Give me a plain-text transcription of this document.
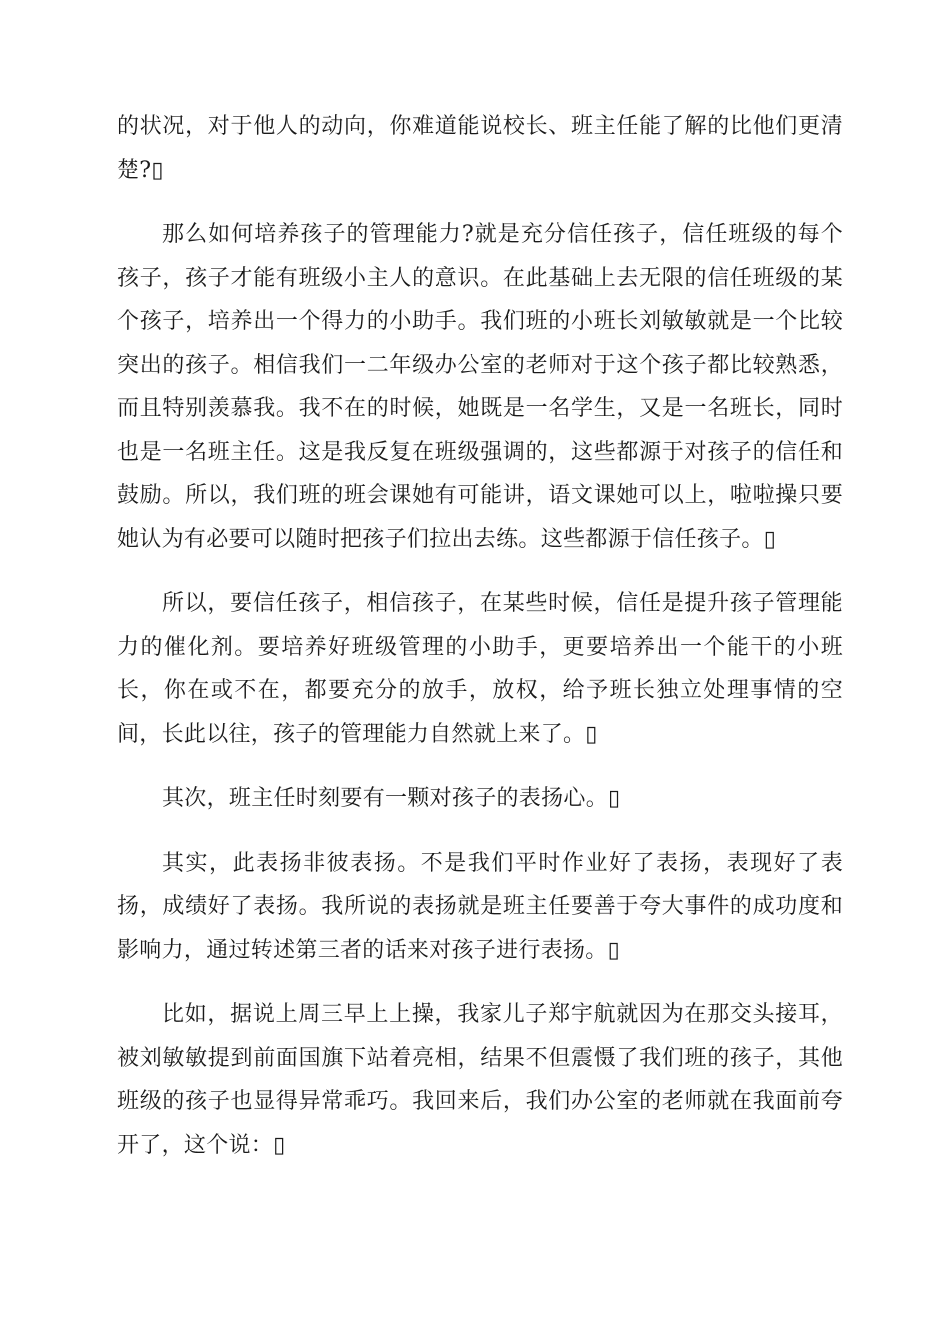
的状况，对于他人的动向，你难道能说校长、班主任能了解的比他们更清楚?▯

那么如何培养孩子的管理能力?就是充分信任孩子，信任班级的每个孩子，孩子才能有班级小主人的意识。在此基础上去无限的信任班级的某个孩子，培养出一个得力的小助手。我们班的小班长刘敏敏就是一个比较突出的孩子。相信我们一二年级办公室的老师对于这个孩子都比较熟悉，而且特别羡慕我。我不在的时候，她既是一名学生，又是一名班长，同时也是一名班主任。这是我反复在班级强调的，这些都源于对孩子的信任和鼓励。所以，我们班的班会课她有可能讲，语文课她可以上，啦啦操只要她认为有必要可以随时把孩子们拉出去练。这些都源于信任孩子。▯

所以，要信任孩子，相信孩子，在某些时候，信任是提升孩子管理能力的催化剂。要培养好班级管理的小助手，更要培养出一个能干的小班长，你在或不在，都要充分的放手，放权，给予班长独立处理事情的空间，长此以往，孩子的管理能力自然就上来了。▯

其次，班主任时刻要有一颗对孩子的表扬心。▯

其实，此表扬非彼表扬。不是我们平时作业好了表扬，表现好了表扬，成绩好了表扬。我所说的表扬就是班主任要善于夸大事件的成功度和影响力，通过转述第三者的话来对孩子进行表扬。▯

比如，据说上周三早上上操，我家儿子郑宇航就因为在那交头接耳，被刘敏敏提到前面国旗下站着亮相，结果不但震慑了我们班的孩子，其他班级的孩子也显得异常乖巧。我回来后，我们办公室的老师就在我面前夸开了，这个说：▯
